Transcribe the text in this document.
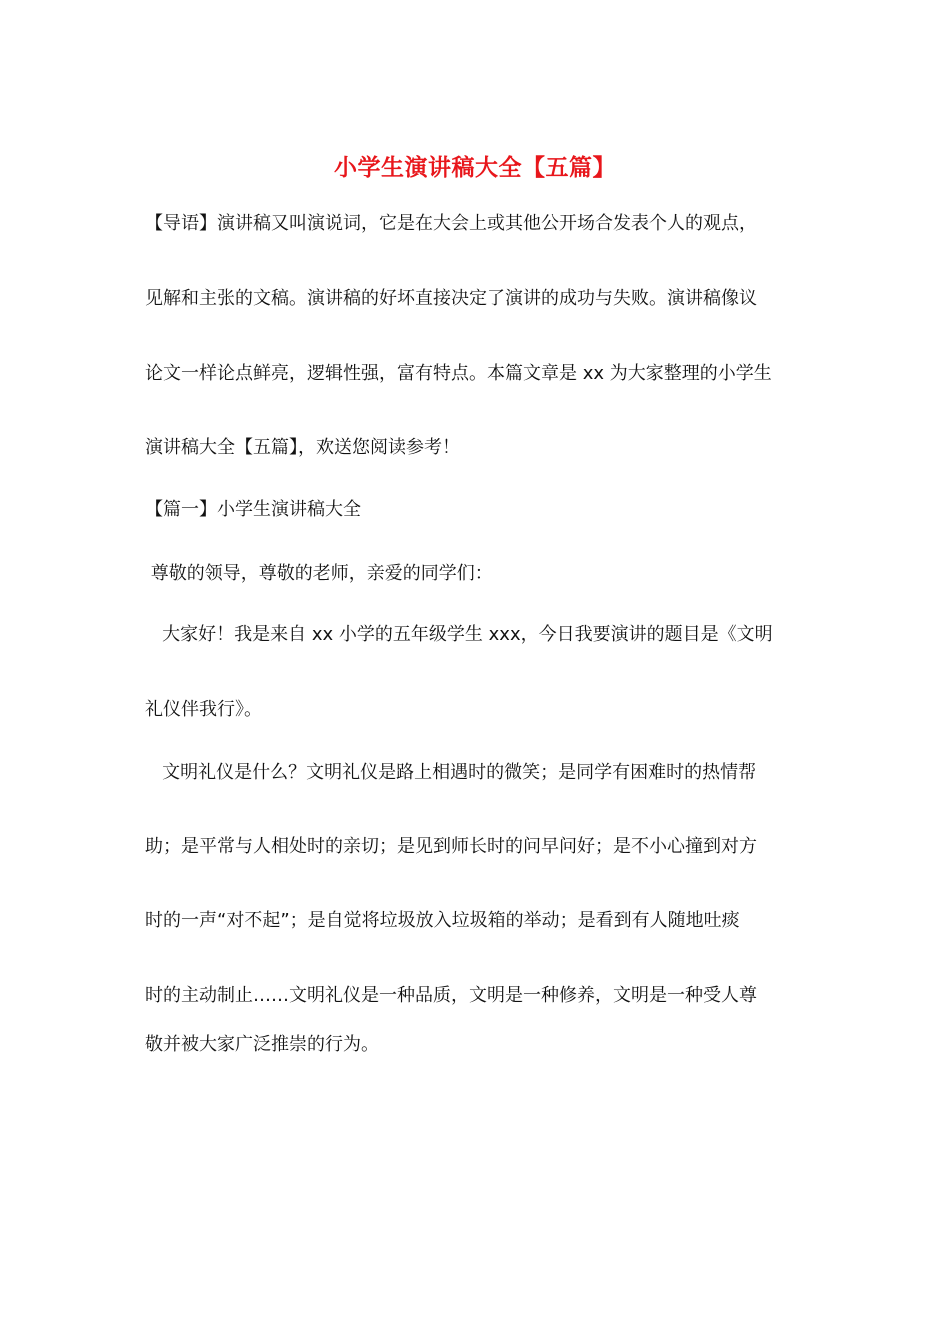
小学生演讲稿大全【五篇】
【导语】演讲稿又叫演说词，它是在大会上或其他公开场合发表个人的观点，
见解和主张的文稿。演讲稿的好坏直接决定了演讲的成功与失败。演讲稿像议
论文一样论点鲜亮，逻辑性强，富有特点。本篇文章是 xx 为大家整理的小学生
演讲稿大全【五篇】，欢送您阅读参考！
【篇一】小学生演讲稿大全
尊敬的领导，尊敬的老师，亲爱的同学们：
大家好！我是来自 xx 小学的五年级学生 xxx，今日我要演讲的题目是《文明
礼仪伴我行》。
文明礼仪是什么？文明礼仪是路上相遇时的微笑；是同学有困难时的热情帮
助；是平常与人相处时的亲切；是见到师长时的问早问好；是不小心撞到对方
时的一声“对不起”；是自觉将垃圾放入垃圾箱的举动；是看到有人随地吐痰
时的主动制止……文明礼仪是一种品质，文明是一种修养，文明是一种受人尊
敬并被大家广泛推崇的行为。
